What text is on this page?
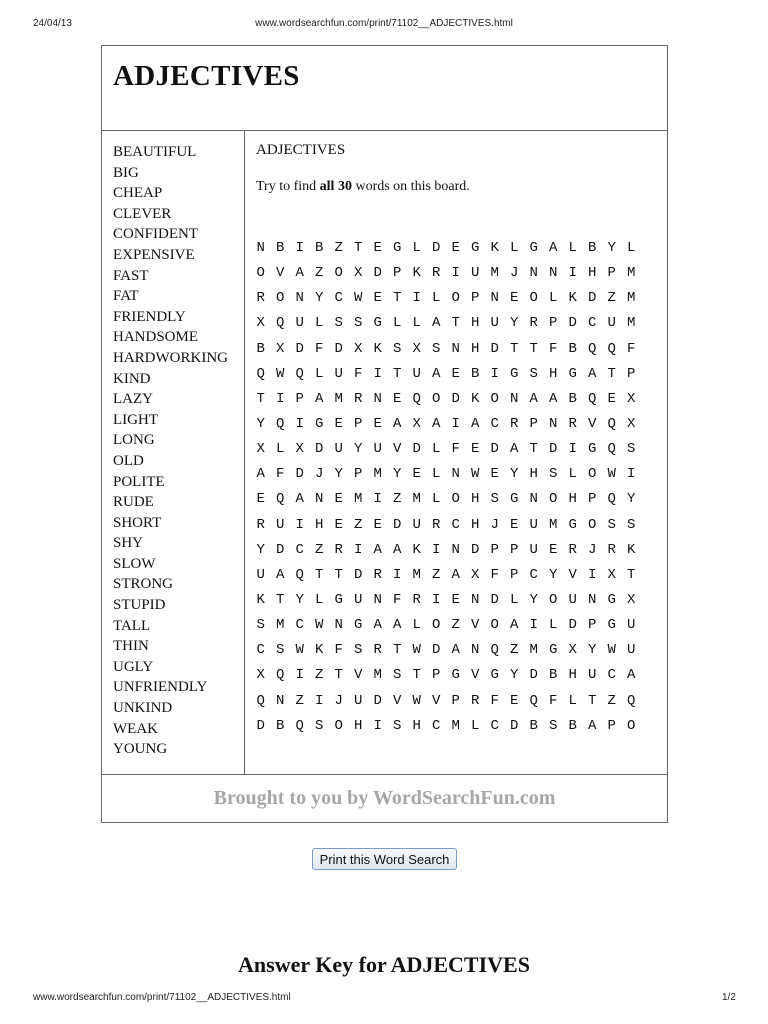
24/04/13	www.wordsearchfun.com/print/71102__ADJECTIVES.html
ADJECTIVES
BEAUTIFUL
BIG
CHEAP
CLEVER
CONFIDENT
EXPENSIVE
FAST
FAT
FRIENDLY
HANDSOME
HARDWORKING
KIND
LAZY
LIGHT
LONG
OLD
POLITE
RUDE
SHORT
SHY
SLOW
STRONG
STUPID
TALL
THIN
UGLY
UNFRIENDLY
UNKIND
WEAK
YOUNG
ADJECTIVES
Try to find all 30 words on this board.
N B I B Z T E G L D E G K L G A L B Y L
O V A Z O X D P K R I U M J N N I H P M
R O N Y C W E T I L O P N E O L K D Z M
X Q U L S S G L L A T H U Y R P D C U M
B X D F D X K S X S N H D T T F B Q Q F
Q W Q L U F I T U A E B I G S H G A T P
T I P A M R N E Q O D K O N A A B Q E X
Y Q I G E P E A X A I A C R P N R V Q X
X L X D U Y U V D L F E D A T D I G Q S
A F D J Y P M Y E L N W E Y H S L O W I
E Q A N E M I Z M L O H S G N O H P Q Y
R U I H E Z E D U R C H J E U M G O S S
Y D C Z R I A A K I N D P P U E R J R K
U A Q T T D R I M Z A X F P C Y V I X T
K T Y L G U N F R I E N D L Y O U N G X
S M C W N G A A L O Z V O A I L D P G U
C S W K F S R T W D A N Q Z M G X Y W U
X Q I Z T V M S T P G V G Y D B H U C A
Q N Z I J U D V W V P R F E Q F L T Z Q
D B Q S O H I S H C M L C D B S B A P O
Brought to you by WordSearchFun.com
Print this Word Search
Answer Key for ADJECTIVES
www.wordsearchfun.com/print/71102__ADJECTIVES.html	1/2
